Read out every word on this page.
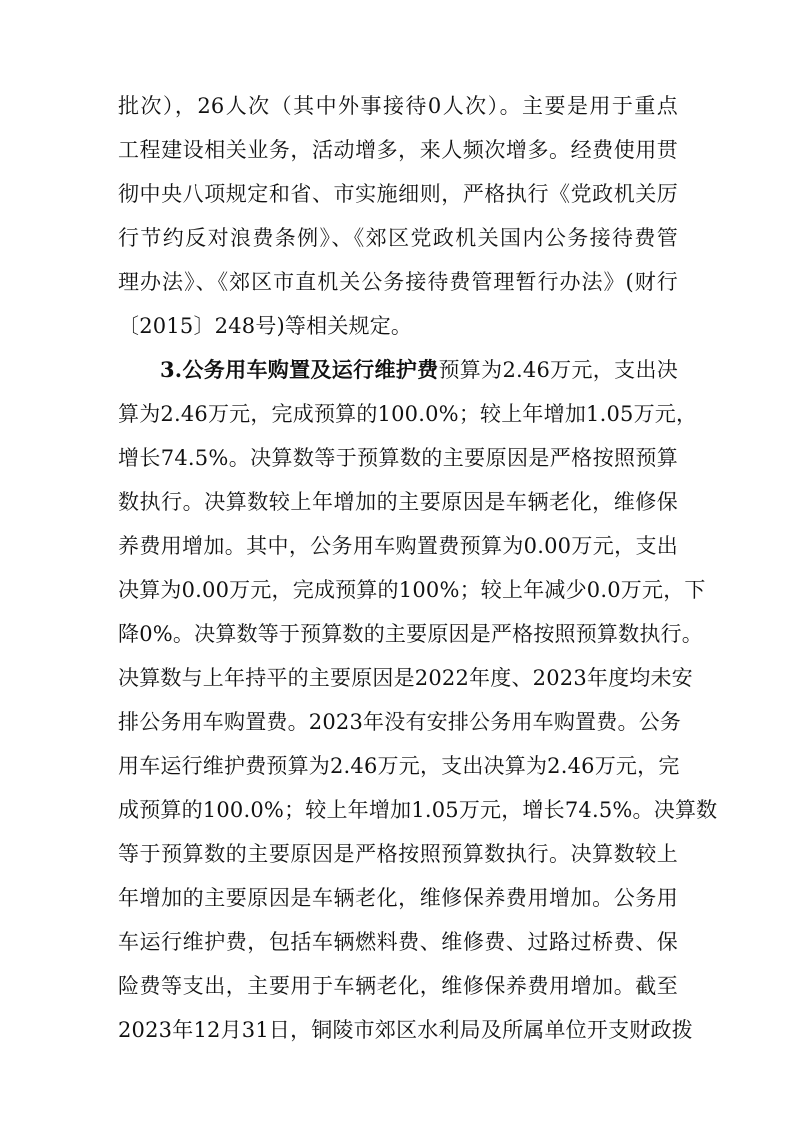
批次），26人次（其中外事接待0人次）。主要是用于重点
工程建设相关业务，活动增多，来人频次增多。经费使用贯
彻中央八项规定和省、市实施细则，严格执行《党政机关厉
行节约反对浪费条例》、《郊区党政机关国内公务接待费管
理办法》、《郊区市直机关公务接待费管理暂行办法》(财行
〔2015〕248号)等相关规定。
3.公务用车购置及运行维护费预算为2.46万元，支出决
算为2.46万元，完成预算的100.0%；较上年增加1.05万元，
增长74.5%。决算数等于预算数的主要原因是严格按照预算
数执行。决算数较上年增加的主要原因是车辆老化，维修保
养费用增加。其中，公务用车购置费预算为0.00万元，支出
决算为0.00万元，完成预算的100%；较上年减少0.0万元，下
降0%。决算数等于预算数的主要原因是严格按照预算数执行。
决算数与上年持平的主要原因是2022年度、2023年度均未安
排公务用车购置费。2023年没有安排公务用车购置费。公务
用车运行维护费预算为2.46万元，支出决算为2.46万元，完
成预算的100.0%；较上年增加1.05万元，增长74.5%。决算数
等于预算数的主要原因是严格按照预算数执行。决算数较上
年增加的主要原因是车辆老化，维修保养费用增加。公务用
车运行维护费，包括车辆燃料费、维修费、过路过桥费、保
险费等支出，主要用于车辆老化，维修保养费用增加。截至
2023年12月31日，铜陵市郊区水利局及所属单位开支财政拨
